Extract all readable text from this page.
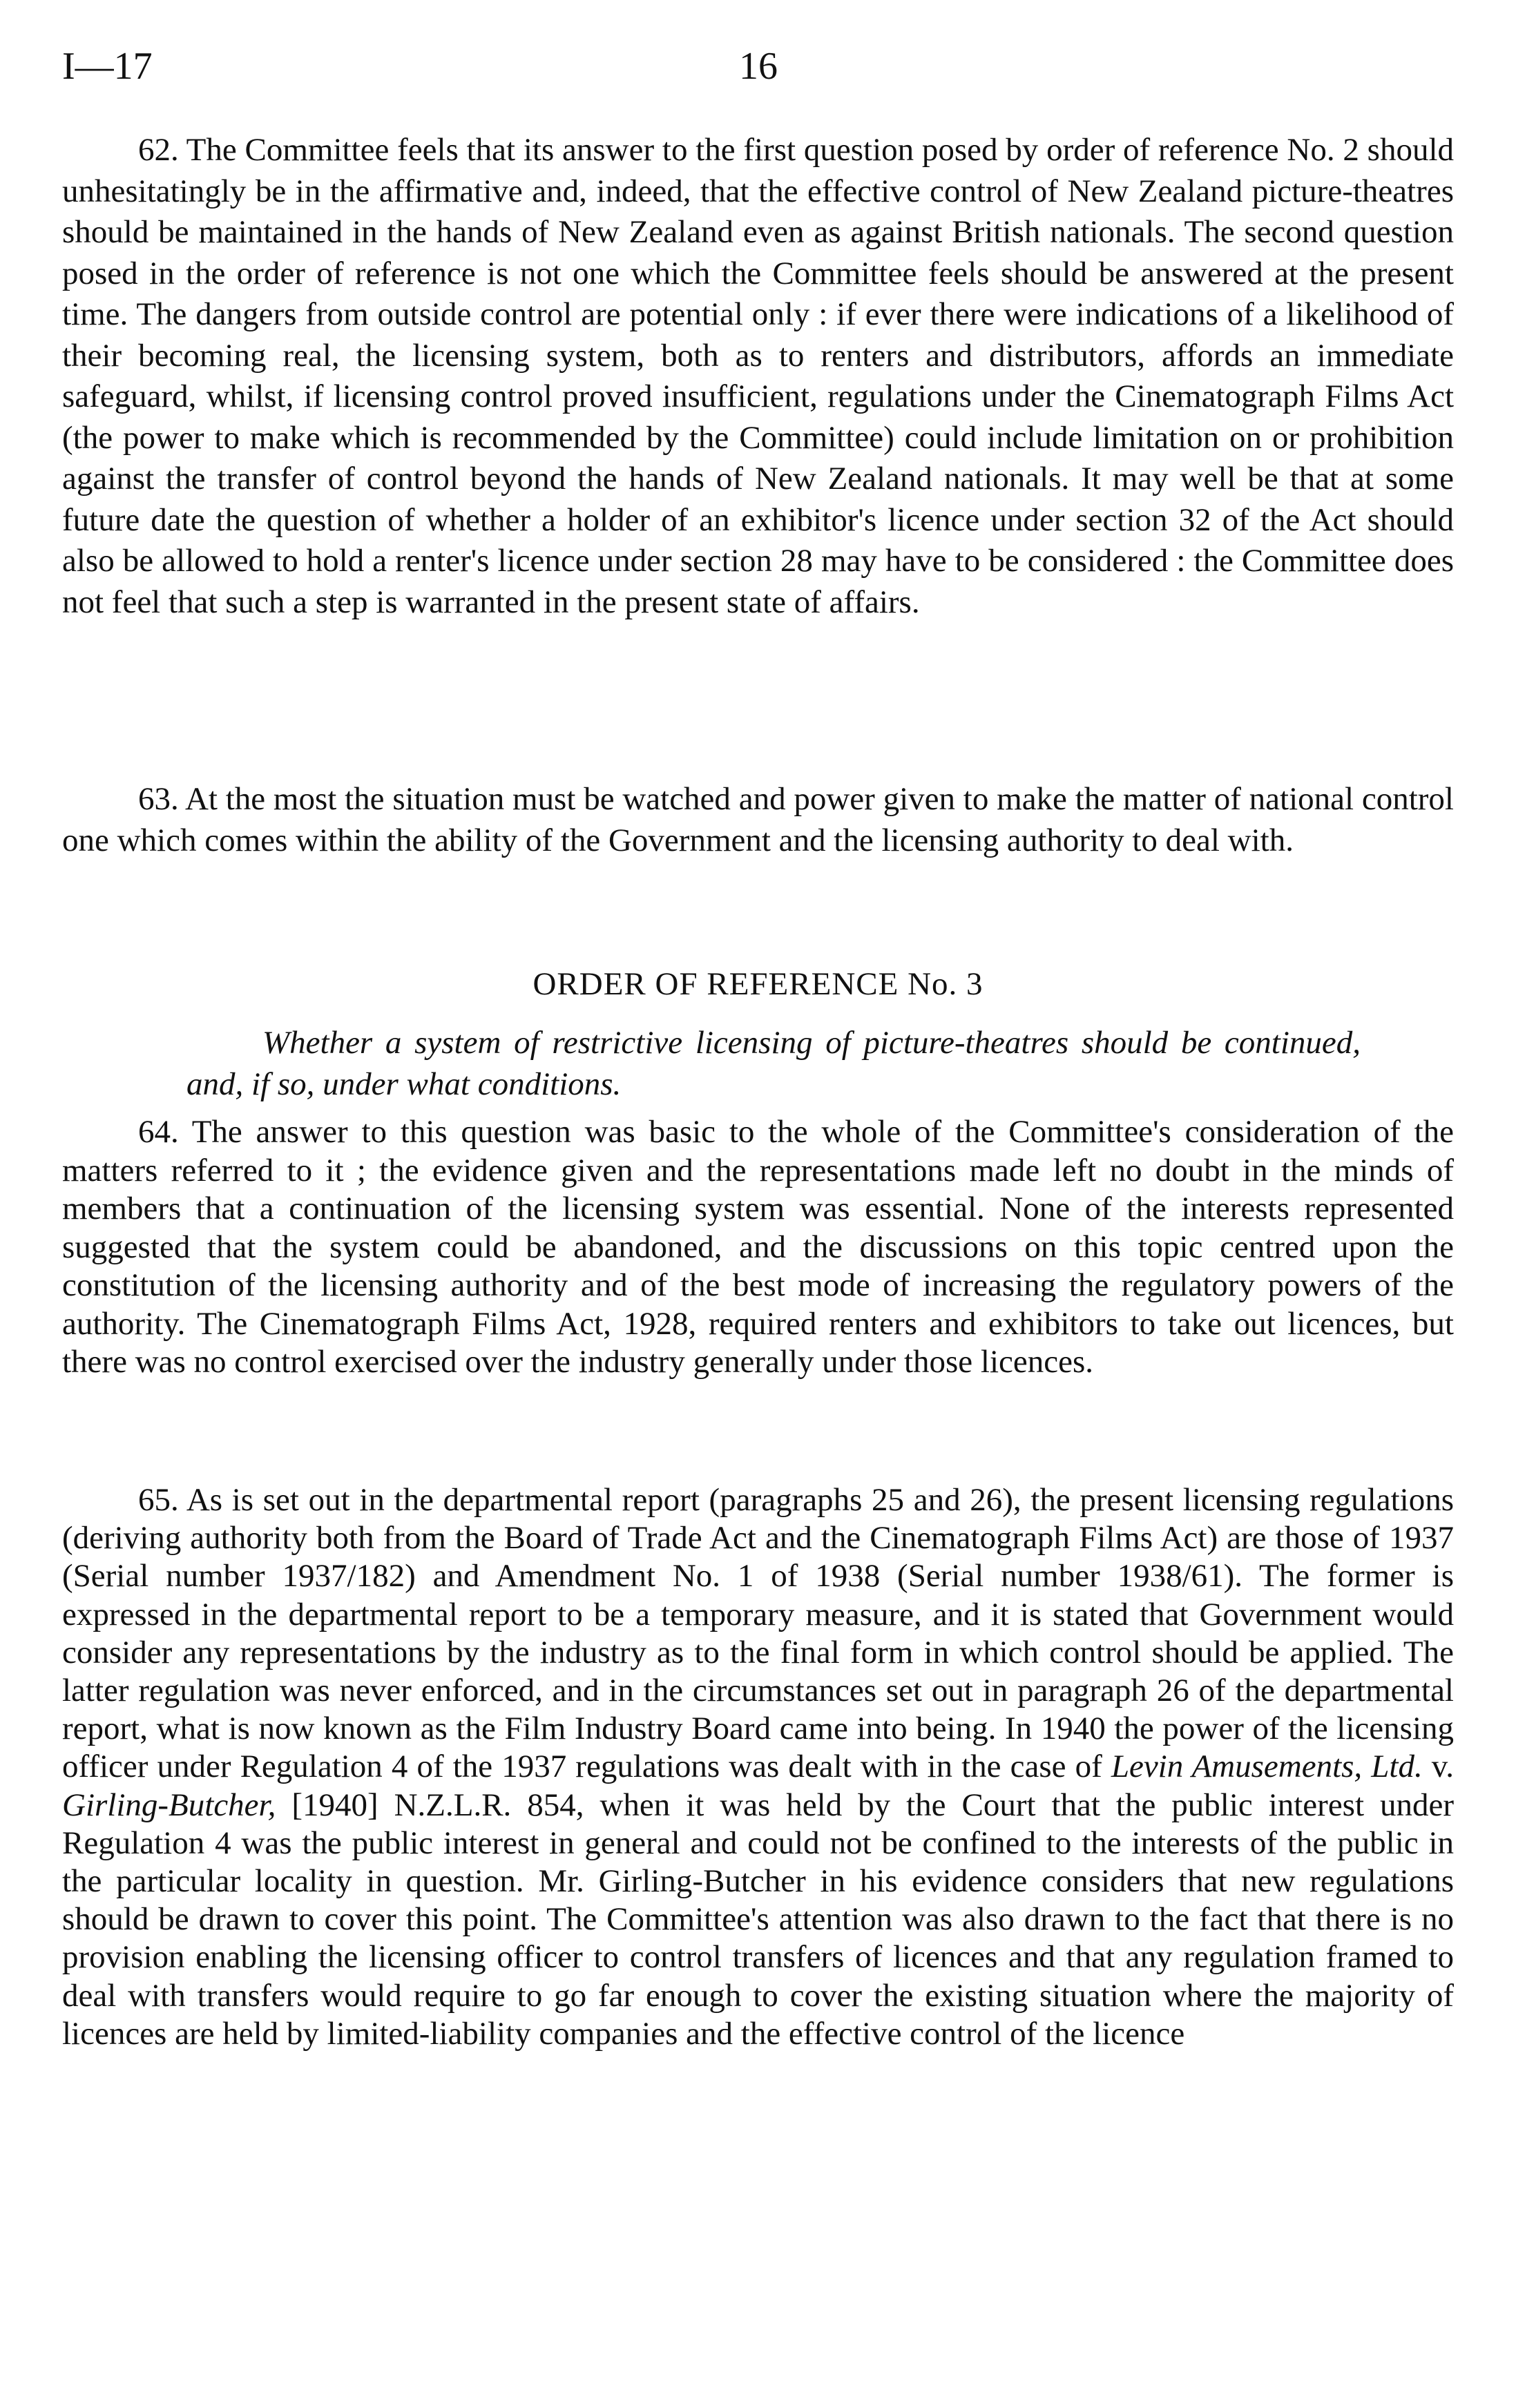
I—17	16

62. The Committee feels that its answer to the first question posed by order of reference No. 2 should unhesitatingly be in the affirmative and, indeed, that the effective control of New Zealand picture-theatres should be maintained in the hands of New Zealand even as against British nationals. The second question posed in the order of reference is not one which the Committee feels should be answered at the present time. The dangers from outside control are potential only : if ever there were indications of a likelihood of their becoming real, the licensing system, both as to renters and distributors, affords an immediate safeguard, whilst, if licensing control proved insufficient, regulations under the Cinematograph Films Act (the power to make which is recommended by the Committee) could include limitation on or prohibition against the transfer of control beyond the hands of New Zealand nationals. It may well be that at some future date the question of whether a holder of an exhibitor's licence under section 32 of the Act should also be allowed to hold a renter's licence under section 28 may have to be considered : the Committee does not feel that such a step is warranted in the present state of affairs.

63. At the most the situation must be watched and power given to make the matter of national control one which comes within the ability of the Government and the licensing authority to deal with.

ORDER OF REFERENCE No. 3

Whether a system of restrictive licensing of picture-theatres should be continued, and, if so, under what conditions.

64. The answer to this question was basic to the whole of the Committee's consideration of the matters referred to it ; the evidence given and the representations made left no doubt in the minds of members that a continuation of the licensing system was essential. None of the interests represented suggested that the system could be abandoned, and the discussions on this topic centred upon the constitution of the licensing authority and of the best mode of increasing the regulatory powers of the authority. The Cinematograph Films Act, 1928, required renters and exhibitors to take out licences, but there was no control exercised over the industry generally under those licences.

65. As is set out in the departmental report (paragraphs 25 and 26), the present licensing regulations (deriving authority both from the Board of Trade Act and the Cinematograph Films Act) are those of 1937 (Serial number 1937/182) and Amendment No. 1 of 1938 (Serial number 1938/61). The former is expressed in the departmental report to be a temporary measure, and it is stated that Government would consider any representations by the industry as to the final form in which control should be applied. The latter regulation was never enforced, and in the circumstances set out in paragraph 26 of the departmental report, what is now known as the Film Industry Board came into being. In 1940 the power of the licensing officer under Regulation 4 of the 1937 regulations was dealt with in the case of Levin Amusements, Ltd. v. Girling-Butcher, [1940] N.Z.L.R. 854, when it was held by the Court that the public interest under Regulation 4 was the public interest in general and could not be confined to the interests of the public in the particular locality in question. Mr. Girling-Butcher in his evidence considers that new regulations should be drawn to cover this point. The Committee's attention was also drawn to the fact that there is no provision enabling the licensing officer to control transfers of licences and that any regulation framed to deal with transfers would require to go far enough to cover the existing situation where the majority of licences are held by limited-liability companies and the effective control of the licence
